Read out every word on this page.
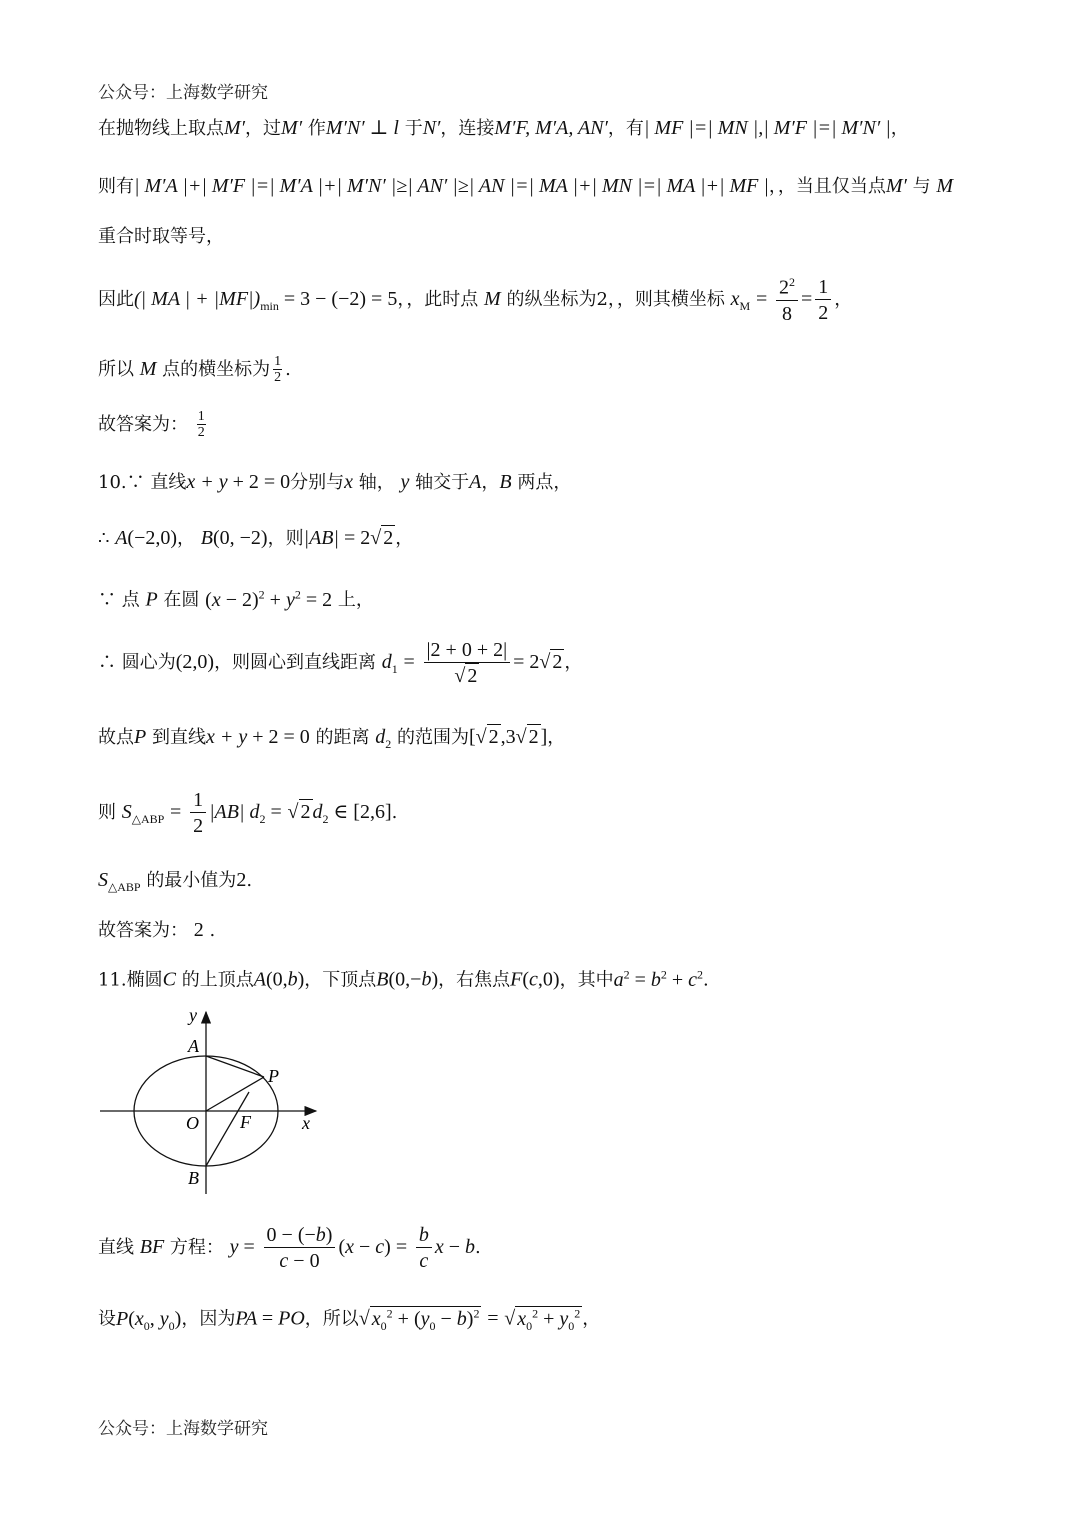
公众号：上海数学研究
在抛物线上取点M′，过M′ 作M′N′ ⊥ l 于N′，连接M′F, M′A, AN′，有| MF |=| MN |,| M′F |=| M′N′ |，
则有| M′A |+| M′F |=| M′A |+| M′N′ |≥| AN′ |≥| AN |=| MA |+| MN |=| MA |+| MF |，，当且仅当点M′ 与 M
重合时取等号，
因此(| MA | + $|MF|)_{min} = 3 - (-2) = 5$，，此时点 M 的纵坐标为2，，则其横坐标 $x_M = \frac{2^2}{8} = \frac{1}{2}$ ，
所以 M 点的横坐标为 $\frac{1}{2}$ .
故答案为： $\frac{1}{2}$
10.∵ 直线x + y + 2 = 0分别与x 轴， y 轴交于A，B 两点，
∴ A(−2,0)， B(0, −2)，则|AB| = 2√ 2 ，
∵ 点 P 在圆 $(x - 2)^2 + y^2 = 2$ 上，
∴ 圆心为(2,0)，则圆心到直线距离 $d_1 = \frac{|2 + 0 + 2|}{√ 2} = 2√$ 2 ，
故点P 到直线x + y + 2 = 0 的距离 $d_2$ 的范围为[√ 2 ,3√ 2 ]，
则 $S_{\triangle ABP} = \frac{1}{2} |AB|$ $d_2$ = √ 2 $d_2$ ∈ [2,6].
$S_{\triangle ABP}$ 的最小值为2.
故答案为： 2 .
11.椭圆C 的上顶点A(0,b)，下顶点B(0,−b)，右焦点F(c,0)，其中$a^2 = b^2 + c^2$.
y
A
P
O F	x
B
直线 BF 方程： $y = \frac{0 - (-b)}{c - 0} (x - c) = \frac{b}{c}$ x − b.
设$P(x_0$, $y_0$)，因为PA = PO，所以√ $x_0^2 + (y_0 - b)^2$ = √ $x_0^2 + y_0^2$ ，
公众号：上海数学研究
